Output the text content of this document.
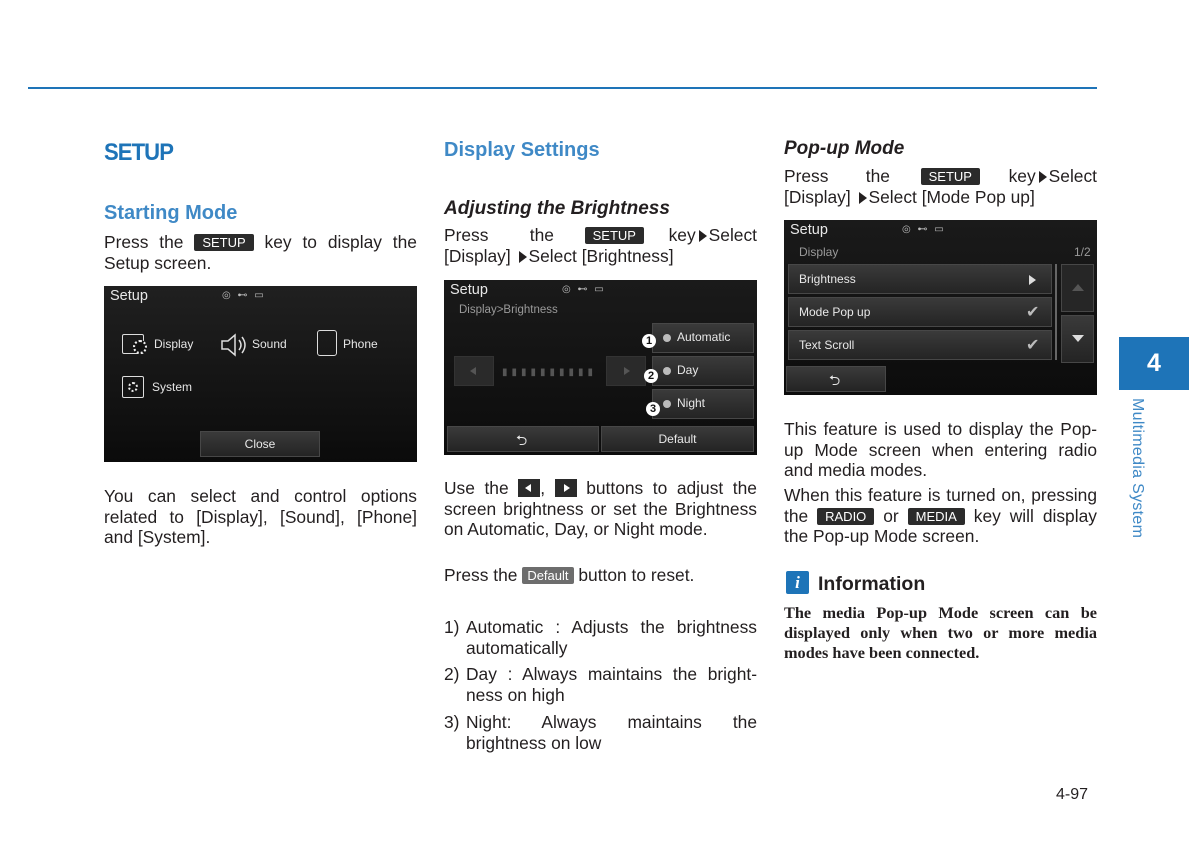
SETUP
Starting Mode
Press the SETUP key to display the Setup screen.
Setup	◎ ⊷ ▭
Display	Sound	Phone
System
Close
You can select and control options related to [Display], [Sound], [Phone] and [System].
Display Settings
Adjusting the Brightness
Press the	SETUP key Select [Display] Select [Brightness]
Setup	◎ ⊷ ▭
Display>Brightness
▮▮▮▮▮▮▮▮▮▮
Automatic
Day
Night
1
2
3
⮌	Default
Use the , buttons to adjust the screen brightness or set the Brightness on Automatic, Day, or Night mode.
Press the Default button to reset.
1) Automatic : Adjusts the brightness automatically
2) Day : Always maintains the bright-ness on high
3) Night: Always maintains the brightness on low
Pop-up Mode
Press the	SETUP key Select [Display] Select [Mode Pop up]
Setup	◎ ⊷ ▭
Display	1/2
Brightness
Mode Pop up	✔
Text Scroll	✔
⮌
This feature is used to display the Pop-up Mode screen when entering radio and media modes.
When this feature is turned on, pressing the RADIO or MEDIA key will display the Pop-up Mode screen.
i Information
The media Pop-up Mode screen can be displayed only when two or more media modes have been connected.
4
Multimedia System
4-97
